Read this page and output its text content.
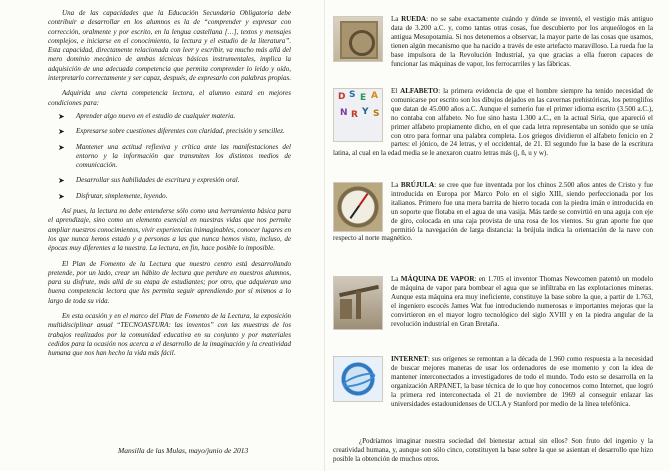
Una de las capacidades que la Educación Secundaria Obligatoria debe contribuir a desarrollar en los alumnos es la de “comprender y expresar con corrección, oralmente y por escrito, en la lengua castellana […], textos y mensajes complejos, e iniciarse en el conocimiento, la lectura y el estudio de la literatura”. Esta capacidad, directamente relacionada con leer y escribir, va mucho más allá del mero dominio mecánico de ambas técnicas básicas instrumentales, implica la adquisición de una adecuada competencia que permita comprender lo leído y oído, interpretarlo correctamente y ser capaz, después, de expresarlo con palabras propias.

Adquirida una cierta competencia lectora, el alumno estará en mejores condiciones para:

➤ Aprender algo nuevo en el estudio de cualquier materia.
➤ Expresarse sobre cuestiones diferentes con claridad, precisión y sencillez.
➤ Mantener una actitud reflexiva y crítica ante las manifestaciones del entorno y la información que transmiten los distintos medios de comunicación.
➤ Desarrollar sus habilidades de escritura y expresión oral.
➤ Disfrutar, simplemente, leyendo.

Así pues, la lectura no debe entenderse sólo como una herramienta básica para el aprendizaje, sino como un elemento esencial en nuestras vidas que nos permite ampliar nuestros conocimientos, vivir experiencias inimaginables, conocer lugares en los que nunca hemos estado y a personas a las que nunca hemos visto, incluso, de épocas muy diferentes a la nuestra. La lectura, en fin, hace posible lo imposible.

El Plan de Fomento de la Lectura que nuestro centro está desarrollando pretende, por un lado, crear un hábito de lectura que perdure en nuestros alumnos, para su disfrute, más allá de su etapa de estudiantes; por otro, que adquieran una buena competencia lectora que les permita seguir aprendiendo por sí mismos a lo largo de toda su vida.

En esta ocasión y en el marco del Plan de Fomento de la Lectura, la exposición multidisciplinar anual “TECNOASTURA: las inventos” con las muestras de los trabajos realizados por la comunidad educativa en su conjunto y por materiales cedidos para la ocasión nos acerca a el desarrollo de la imaginación y la creatividad humana que nos han hecho la vida más fácil.

Mansilla de las Mulas, mayo/junio de 2013
La RUEDA: no se sabe exactamente cuándo y dónde se inventó, el vestigio más antiguo data de 3.200 a.C. y, como tantas otras cosas, fue descubierto por los arqueólogos en la antigua Mesopotamia. Si nos detenemos a observar, la mayor parte de las cosas que usamos, tienen algún mecanismo que ha nacido a través de este artefacto maravilloso. La rueda fue la base impulsora de la Revolución Industrial, ya que gracias a ella fueron capaces de funcionar las máquinas de vapor, los ferrocarriles y las fábricas.
D S E A
N R Y S
El ALFABETO: la primera evidencia de que el hombre siempre ha tenido necesidad de comunicarse por escrito son los dibujos dejados en las cavernas prehistóricas, los petroglifos que datan de 45.000 años a.C. Aunque el sumerio fue el primer idioma escrito (3.500 a.C.), no contaba con alfabeto. No fue sino hasta 1.300 a.C., en la actual Siria, que apareció el primer alfabeto propiamente dicho, en el que cada letra representaba un sonido que se unía con otro para formar una palabra completa. Los griegos dividieron el alfabeto fenicio en 2 partes: el jónico, de 24 letras, y el occidental, de 21. El segundo fue la base de la escritura latina, al cual en la edad media se le anexaron cuatro letras más (j, ñ, u y w).
La BRÚJULA: se cree que fue inventada por los chinos 2.500 años antes de Cristo y fue introducida en Europa por Marco Polo en el siglo XIII, siendo perfeccionada por los italianos. Primero fue una mera barrita de hierro tocada con la piedra imán e introducida en un soporte que flotaba en el agua de una vasija. Más tarde se convirtió en una aguja con eje de giro, colocada en una caja provista de una rosa de los vientos. Su gran aporte fue que permitió la navegación de larga distancia: la brújula indica la orientación de la nave con respecto al norte magnético.
La MÁQUINA DE VAPOR: en 1.705 el inventor Thomas Newcomen patentó un modelo de máquina de vapor para bombear el agua que se infiltraba en las explotaciones mineras. Aunque esta máquina era muy ineficiente, constituye la base sobre la que, a partir de 1.763, el ingeniero escocés James Wat fue introduciendo numerosas e importantes mejoras que la convirtieron en el mayor logro tecnológico del siglo XVIII y en la piedra angular de la revolución industrial en Gran Bretaña.
INTERNET: sus orígenes se remontan a la década de 1.960 como respuesta a la necesidad de buscar mejores maneras de usar los ordenadores de ese momento y con la idea de mantener interconectados a investigadores de todo el mundo. Todo esto se desarrolla en la organización ARPANET, la base técnica de lo que hoy conocemos como Internet, que logró la primera red interconectada el 21 de noviembre de 1969 al conseguir enlazar las universidades estadounidenses de UCLA y Stanford por medio de la línea telefónica.

¿Podríamos imaginar nuestra sociedad del bienestar actual sin ellos? Son fruto del ingenio y la creatividad humana, y, aunque son sólo cinco, constituyen la base sobre la que se asientan el desarrollo que hizo posible la obtención de muchos otros.
